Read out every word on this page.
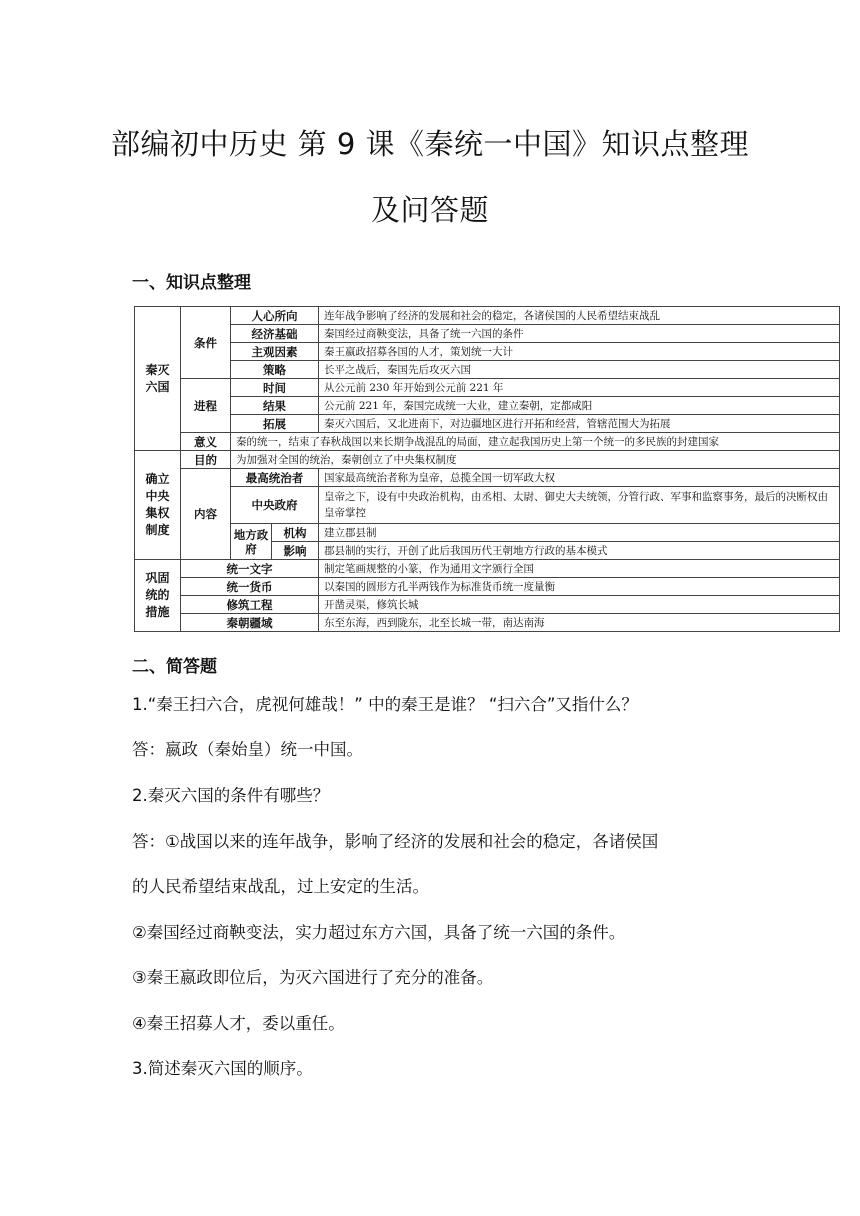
部编初中历史 第 9 课《秦统一中国》知识点整理
及问答题
一、知识点整理
秦灭六国	条件	人心所向		连年战争影响了经济的发展和社会的稳定，各诸侯国的人民希望结束战乱
		经济基础		秦国经过商鞅变法，具备了统一六国的条件
		主观因素		秦王嬴政招募各国的人才，策划统一大计
		策略		长平之战后，秦国先后攻灭六国
	进程	时间		从公元前 230 年开始到公元前 221 年
		结果		公元前 221 年，秦国完成统一大业，建立秦朝，定都咸阳
		拓展		秦灭六国后，又北进南下，对边疆地区进行开拓和经营，管辖范围大为拓展
	意义	秦的统一，结束了春秋战国以来长期争战混乱的局面，建立起我国历史上第一个统一的多民族的封建国家		
确立中央集权制度	目的	为加强对全国的统治，秦朝创立了中央集权制度		
	内容	最高统治者		国家最高统治者称为皇帝，总揽全国一切军政大权
		中央政府		皇帝之下，设有中央政治机构，由丞相、太尉、御史大夫统领，分管行政、军事和监察事务，最后的决断权由皇帝掌控

		地方政府	机构	建立郡县制
			影响	郡县制的实行，开创了此后我国历代王朝地方行政的基本模式
巩固统的措施	统一文字			制定笔画规整的小篆，作为通用文字颁行全国
	统一货币			以秦国的圆形方孔半两钱作为标准货币统一度量衡
	修筑工程			开凿灵渠，修筑长城
	秦朝疆域			东至东海，西到陇东，北至长城一带，南达南海
二、简答题
1.“秦王扫六合，虎视何雄哉！” 中的秦王是谁？ “扫六合”又指什么？
答：嬴政（秦始皇）统一中国。
2.秦灭六国的条件有哪些？
答：①战国以来的连年战争，影响了经济的发展和社会的稳定，各诸侯国
的人民希望结束战乱，过上安定的生活。
②秦国经过商鞅变法，实力超过东方六国，具备了统一六国的条件。
③秦王嬴政即位后，为灭六国进行了充分的准备。
④秦王招募人才，委以重任。
3.简述秦灭六国的顺序。
